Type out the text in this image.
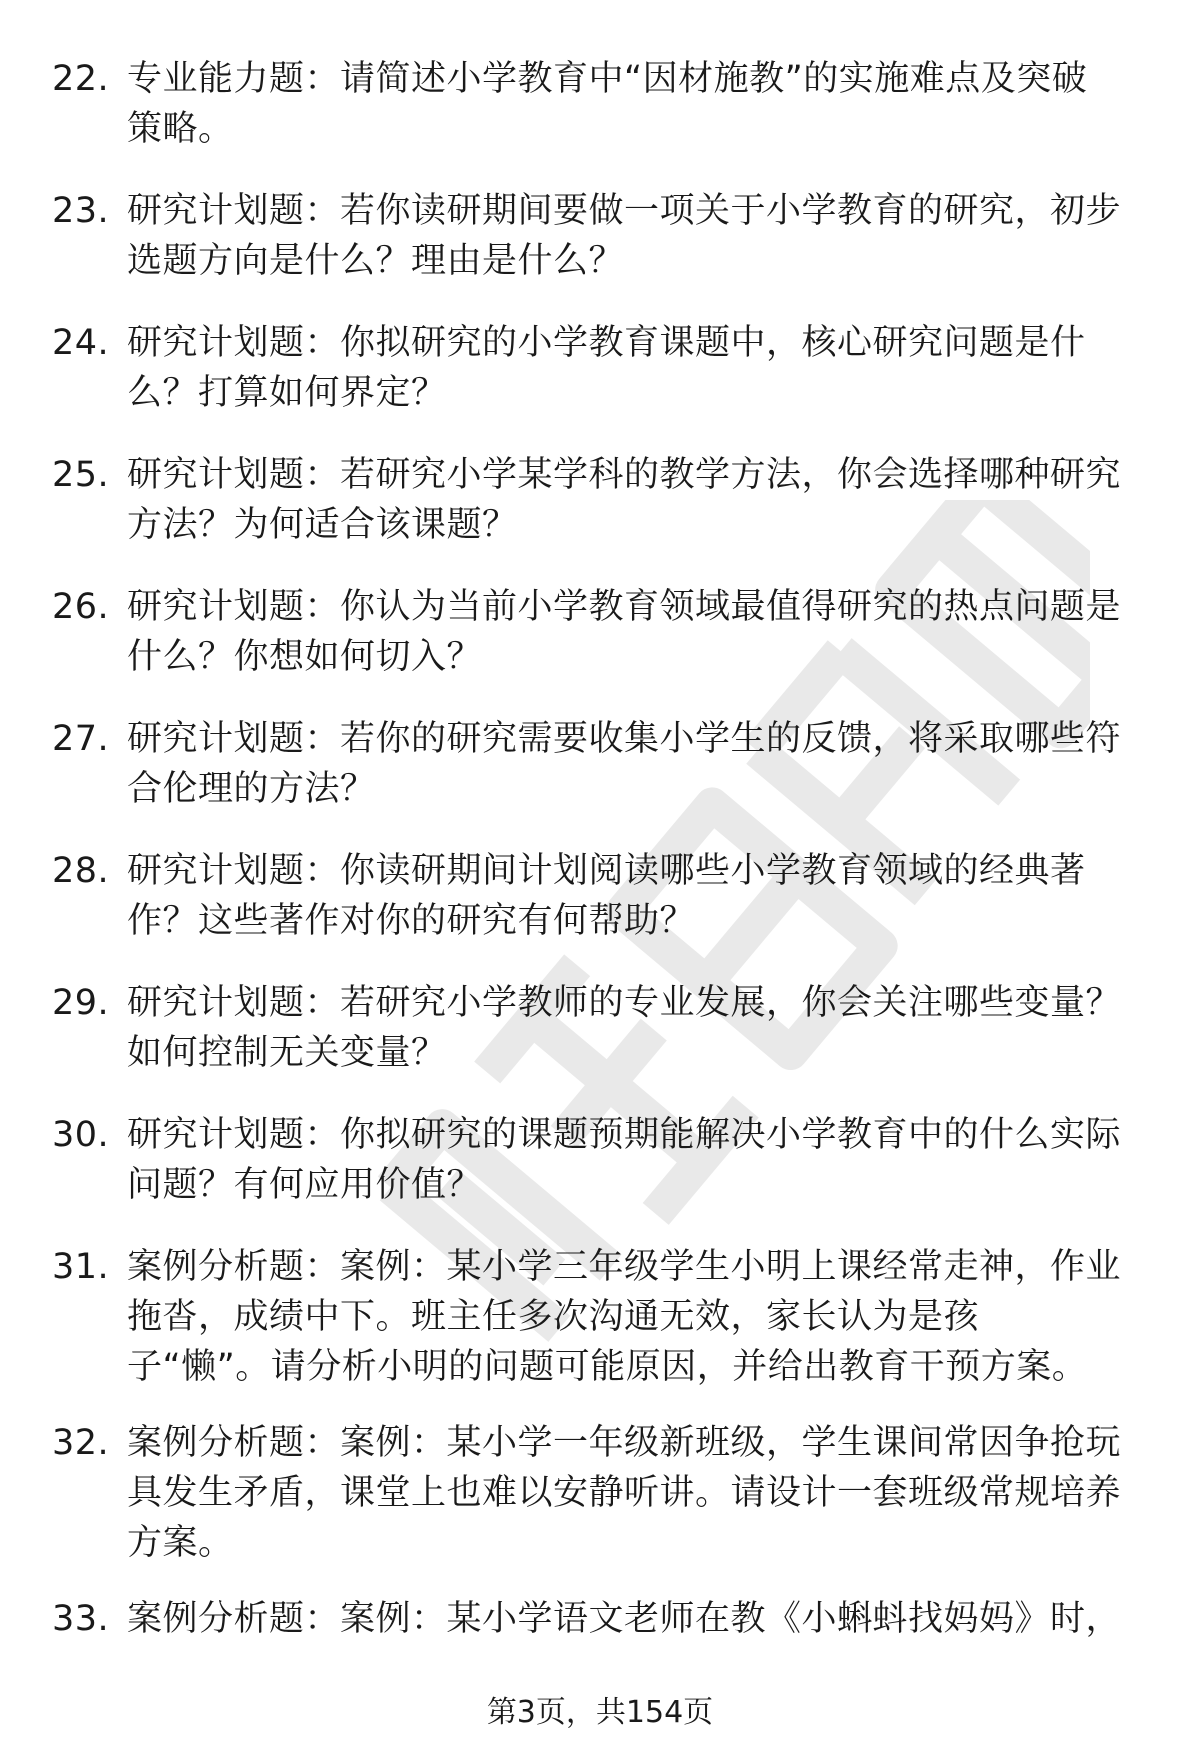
22. 专业能力题：请简述小学教育中“因材施教”的实施难点及突破
策略。
23. 研究计划题：若你读研期间要做一项关于小学教育的研究，初步
选题方向是什么？理由是什么？
24. 研究计划题：你拟研究的小学教育课题中，核心研究问题是什
么？打算如何界定？
25. 研究计划题：若研究小学某学科的教学方法，你会选择哪种研究
方法？为何适合该课题？
26. 研究计划题：你认为当前小学教育领域最值得研究的热点问题是
什么？你想如何切入？
27. 研究计划题：若你的研究需要收集小学生的反馈，将采取哪些符
合伦理的方法？
28. 研究计划题：你读研期间计划阅读哪些小学教育领域的经典著
作？这些著作对你的研究有何帮助？
29. 研究计划题：若研究小学教师的专业发展，你会关注哪些变量？
如何控制无关变量？
30. 研究计划题：你拟研究的课题预期能解决小学教育中的什么实际
问题？有何应用价值？
31. 案例分析题：案例：某小学三年级学生小明上课经常走神，作业
拖沓，成绩中下。班主任多次沟通无效，家长认为是孩
子“懒”。请分析小明的问题可能原因，并给出教育干预方案。
32. 案例分析题：案例：某小学一年级新班级，学生课间常因争抢玩
具发生矛盾，课堂上也难以安静听讲。请设计一套班级常规培养
方案。
33. 案例分析题：案例：某小学语文老师在教《小蝌蚪找妈妈》时，
第3页，共154页
